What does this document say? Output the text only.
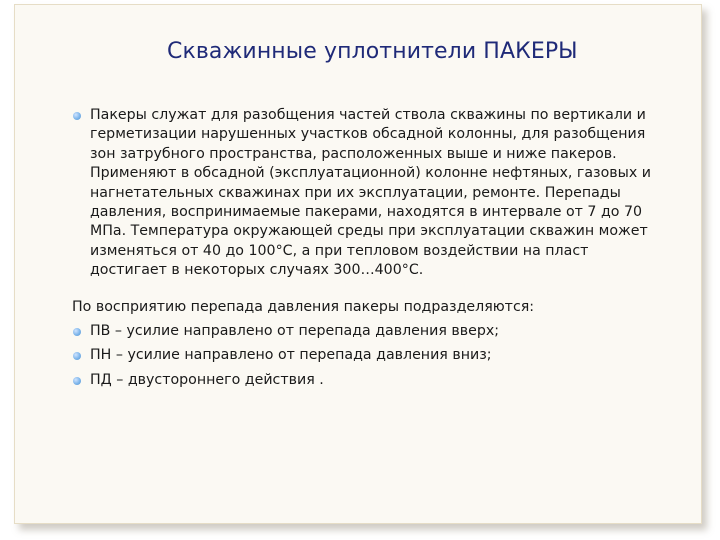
Скважинные уплотнители ПАКЕРЫ

Пакеры служат для разобщения частей ствола скважины по вертикали и герметизации нарушенных участков обсадной колонны, для разобщения зон затрубного пространства, расположенных выше и ниже пакеров. Применяют в обсадной (эксплуатационной) колонне нефтяных, газовых и нагнетательных скважинах при их эксплуатации, ремонте. Перепады давления, воспринимаемые пакерами, находятся в интервале от 7 до 70 МПа. Температура окружающей среды при эксплуатации скважин может изменяться от 40 до 100°С, а при тепловом воздействии на пласт достигает в некоторых случаях 300…400°С.

По восприятию перепада давления пакеры подразделяются:

ПВ – усилие направлено от перепада давления вверх;

ПН – усилие направлено от перепада давления вниз;

ПД – двустороннего действия .
